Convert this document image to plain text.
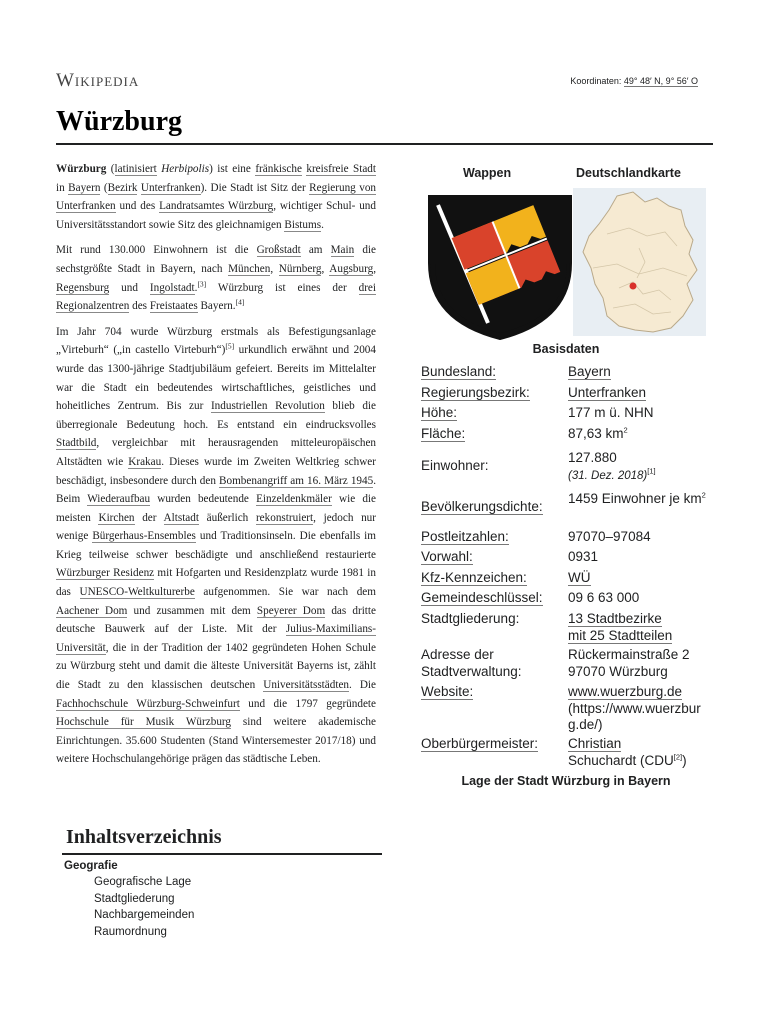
Wikipedia	Koordinaten: 49° 48′ N, 9° 56′ O
Würzburg

Würzburg (latinisiert Herbipolis) ist eine fränkische kreisfreie Stadt in Bayern (Bezirk Unterfranken). Die Stadt ist Sitz der Regierung von Unterfranken und des Landratsamtes Würzburg, wichtiger Schul- und Universitätsstandort sowie Sitz des gleichnamigen Bistums.

Mit rund 130.000 Einwohnern ist die Großstadt am Main die sechstgrößte Stadt in Bayern, nach München, Nürnberg, Augsburg, Regensburg und Ingolstadt.[3] Würzburg ist eines der drei Regionalzentren des Freistaates Bayern.[4]

Im Jahr 704 wurde Würzburg erstmals als Befestigungsanlage „Virteburh“ („in castello Virteburh“)[5] urkundlich erwähnt und 2004 wurde das 1300-jährige Stadtjubiläum gefeiert. Bereits im Mittelalter war die Stadt ein bedeutendes wirtschaftliches, geistliches und hoheitliches Zentrum. Bis zur Industriellen Revolution blieb die überregionale Bedeutung hoch. Es entstand ein eindrucksvolles Stadtbild, vergleichbar mit herausragenden mitteleuropäischen Altstädten wie Krakau. Dieses wurde im Zweiten Weltkrieg schwer beschädigt, insbesondere durch den Bombenangriff am 16. März 1945. Beim Wiederaufbau wurden bedeutende Einzeldenkmäler wie die meisten Kirchen der Altstadt äußerlich rekonstruiert, jedoch nur wenige Bürgerhaus-Ensembles und Traditionsinseln. Die ebenfalls im Krieg teilweise schwer beschädigte und anschließend restaurierte Würzburger Residenz mit Hofgarten und Residenzplatz wurde 1981 in das UNESCO-Weltkulturerbe aufgenommen. Sie war nach dem Aachener Dom und zusammen mit dem Speyerer Dom das dritte deutsche Bauwerk auf der Liste. Mit der Julius-Maximilians-Universität, die in der Tradition der 1402 gegründeten Hohen Schule zu Würzburg steht und damit die älteste Universität Bayerns ist, zählt die Stadt zu den klassischen deutschen Universitätsstädten. Die Fachhochschule Würzburg-Schweinfurt und die 1797 gegründete Hochschule für Musik Würzburg sind weitere akademische Einrichtungen. 35.600 Studenten (Stand Wintersemester 2017/18) und weitere Hochschulangehörige prägen das städtische Leben.

Wappen	Deutschlandkarte
Basisdaten
Bundesland:	Bayern
Regierungsbezirk:	Unterfranken
Höhe:	177 m ü. NHN
Fläche:	87,63 $km^2$
Einwohner:
127.880
(31. Dez. 2018)[1]
Bevölkerungsdichte:
1459 Einwohner je $km^2$
Postleitzahlen:	97070–97084
Vorwahl:	0931
Kfz-Kennzeichen:	WÜ
Gemeindeschlüssel:	09 6 63 000
Stadtgliederung:	13 Stadtbezirke
mit 25 Stadtteilen
Adresse der Stadtverwaltung:
Rückermainstraße 2
97070 Würzburg
Website:	www.wuerzburg.de
(https://www.wuerzburg.de/)
Oberbürgermeister:	Christian
Schuchardt (CDU[2])
Lage der Stadt Würzburg in Bayern
Inhaltsverzeichnis
Geografie
Geografische Lage
Stadtgliederung
Nachbargemeinden
Raumordnung
